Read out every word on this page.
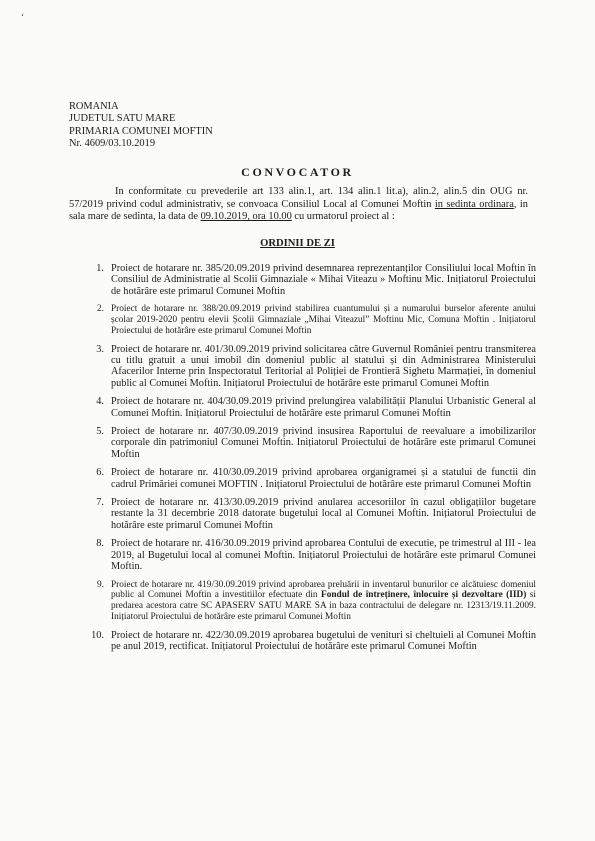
‘
ROMANIA
JUDETUL SATU MARE
PRIMARIA COMUNEI MOFTIN
Nr. 4609/03.10.2019
CONVOCATOR
In conformitate cu prevederile art 133 alin.1, art. 134 alin.1 lit.a), alin.2, alin.5 din OUG nr. 57/2019 privind codul administrativ, se convoaca Consiliul Local al Comunei Moftin in sedinta ordinara, in sala mare de sedinta, la data de 09.10.2019, ora 10.00 cu urmatorul proiect al :
ORDINII DE ZI
1. Proiect de hotarare nr. 385/20.09.2019 privind desemnarea reprezentanților Consiliului local Moftin în Consiliul de Administratie al Scolii Gimnaziale « Mihai Viteazu » Moftinu Mic. Inițiatorul Proiectului de hotărâre este primarul Comunei Moftin
2. Proiect de hotarare nr. 388/20.09.2019 privind stabilirea cuantumului și a numarului burselor aferente anului școlar 2019-2020 pentru elevii Școlii Gimnaziale „Mihai Viteazul” Moftinu Mic, Comuna Moftin . Inițiatorul Proiectului de hotărâre este primarul Comunei Moftin
3. Proiect de hotarare nr. 401/30.09.2019 privind solicitarea către Guvernul României pentru transmiterea cu titlu gratuit a unui imobil din domeniul public al statului și din Administrarea Ministerului Afacerilor Interne prin Inspectoratul Teritorial al Poliției de Frontieră Sighetu Marmației, în domeniul public al Comunei Moftin. Inițiatorul Proiectului de hotărâre este primarul Comunei Moftin
4. Proiect de hotarare nr. 404/30.09.2019 privind prelungirea valabilității Planului Urbanistic General al Comunei Moftin. Inițiatorul Proiectului de hotărâre este primarul Comunei Moftin
5. Proiect de hotarare nr. 407/30.09.2019 privind insusirea Raportului de reevaluare a imobilizarilor corporale din patrimoniul Comunei Moftin. Inițiatorul Proiectului de hotărâre este primarul Comunei Moftin
6. Proiect de hotarare nr. 410/30.09.2019 privind aprobarea organigramei și a statului de functii din cadrul Primăriei comunei MOFTIN . Inițiatorul Proiectului de hotărâre este primarul Comunei Moftin
7. Proiect de hotarare nr. 413/30.09.2019 privind anularea accesoriilor în cazul obligațiilor bugetare restante la 31 decembrie 2018 datorate bugetului local al Comunei Moftin. Inițiatorul Proiectului de hotărâre este primarul Comunei Moftin
8. Proiect de hotarare nr. 416/30.09.2019 privind aprobarea Contului de executie, pe trimestrul al III - lea 2019, al Bugetului local al comunei Moftin. Inițiatorul Proiectului de hotărâre este primarul Comunei Moftin.
9. Proiect de hotarare nr. 419/30.09.2019 privind aprobarea preluării in inventarul bunurilor ce alcătuiesc domeniul public al Comunei Moftin a investitiilor efectuate din Fondul de întreținere, înlocuire și dezvoltare (IID) si predarea acestora catre SC APASERV SATU MARE SA in baza contractului de delegare nr. 12313/19.11.2009. Inițiatorul Proiectului de hotărâre este primarul Comunei Moftin
10. Proiect de hotarare nr. 422/30.09.2019 aprobarea bugetului de venituri si cheltuieli al Comunei Moftin pe anul 2019, rectificat. Inițiatorul Proiectului de hotărâre este primarul Comunei Moftin
